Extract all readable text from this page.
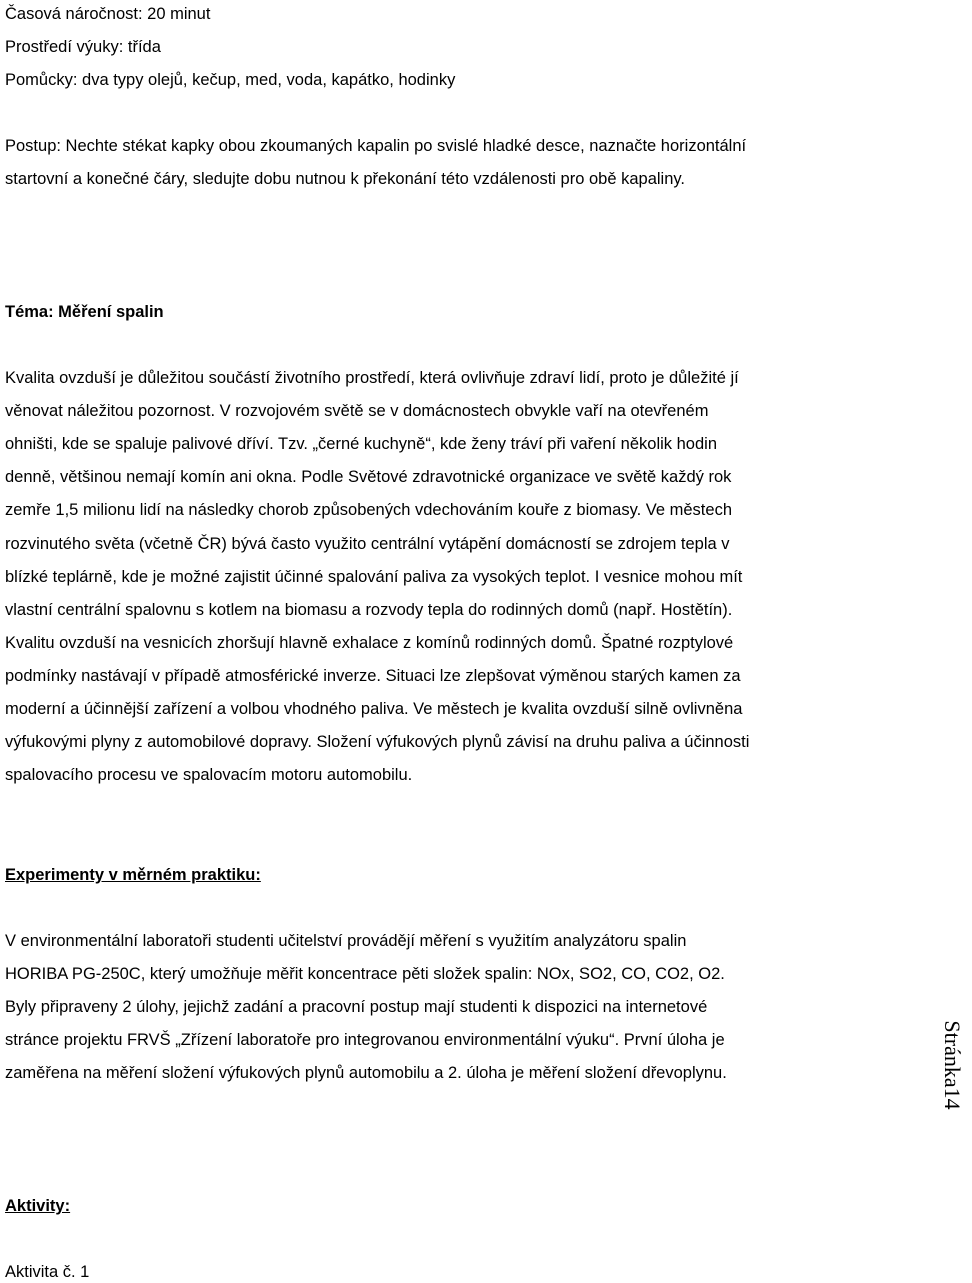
Časová náročnost: 20 minut
Prostředí výuky: třída
Pomůcky: dva typy olejů, kečup, med, voda, kapátko, hodinky
Postup: Nechte stékat kapky obou zkoumaných kapalin po svislé hladké desce, naznačte horizontální
startovní a konečné čáry, sledujte dobu nutnou k překonání této vzdálenosti pro obě kapaliny.
Téma: Měření spalin
Kvalita ovzduší je důležitou součástí životního prostředí, která ovlivňuje zdraví lidí, proto je důležité jí
věnovat náležitou pozornost. V rozvojovém světě se v domácnostech obvykle vaří na otevřeném
ohništi, kde se spaluje palivové dříví. Tzv. „černé kuchyně“, kde ženy tráví při vaření několik hodin
denně, většinou nemají komín ani okna. Podle Světové zdravotnické organizace ve světě každý rok
zemře 1,5 milionu lidí na následky chorob způsobených vdechováním kouře z biomasy. Ve městech
rozvinutého světa (včetně ČR) bývá často využito centrální vytápění domácností se zdrojem tepla v
blízké teplárně, kde je možné zajistit účinné spalování paliva za vysokých teplot. I vesnice mohou mít
vlastní centrální spalovnu s kotlem na biomasu a rozvody tepla do rodinných domů (např. Hostětín).
Kvalitu ovzduší na vesnicích zhoršují hlavně exhalace z komínů rodinných domů. Špatné rozptylové
podmínky nastávají v případě atmosférické inverze. Situaci lze zlepšovat výměnou starých kamen za
moderní a účinnější zařízení a volbou vhodného paliva. Ve městech je kvalita ovzduší silně ovlivněna
výfukovými plyny z automobilové dopravy. Složení výfukových plynů závisí na druhu paliva a účinnosti
spalovacího procesu ve spalovacím motoru automobilu.
Experimenty v měrném praktiku:
V environmentální laboratoři studenti učitelství provádějí měření s využitím analyzátoru spalin
HORIBA PG-250C, který umožňuje měřit koncentrace pěti složek spalin: NOx, SO2, CO, CO2, O2.
Byly připraveny 2 úlohy, jejichž zadání a pracovní postup mají studenti k dispozici na internetové
stránce projektu FRVŠ „Zřízení laboratoře pro integrovanou environmentální výuku“. První úloha je
zaměřena na měření složení výfukových plynů automobilu a 2. úloha je měření složení dřevoplynu.
Aktivity:
Aktivita č. 1
Stránka14
